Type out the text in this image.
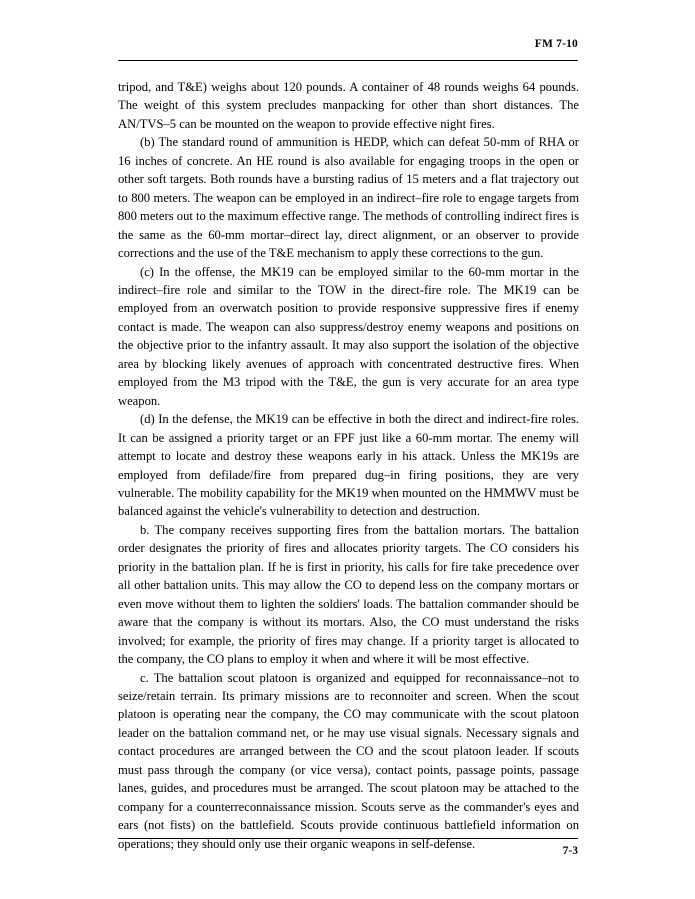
FM 7-10

tripod, and T&E) weighs about 120 pounds. A container of 48 rounds weighs 64 pounds. The weight of this system precludes manpacking for other than short distances. The AN/TVS–5 can be mounted on the weapon to provide effective night fires.

(b) The standard round of ammunition is HEDP, which can defeat 50-mm of RHA or 16 inches of concrete. An HE round is also available for engaging troops in the open or other soft targets. Both rounds have a bursting radius of 15 meters and a flat trajectory out to 800 meters. The weapon can be employed in an indirect–fire role to engage targets from 800 meters out to the maximum effective range. The methods of controlling indirect fires is the same as the 60-mm mortar–direct lay, direct alignment, or an observer to provide corrections and the use of the T&E mechanism to apply these corrections to the gun.

(c) In the offense, the MK19 can be employed similar to the 60-mm mortar in the indirect–fire role and similar to the TOW in the direct-fire role. The MK19 can be employed from an overwatch position to provide responsive suppressive fires if enemy contact is made. The weapon can also suppress/destroy enemy weapons and positions on the objective prior to the infantry assault. It may also support the isolation of the objective area by blocking likely avenues of approach with concentrated destructive fires. When employed from the M3 tripod with the T&E, the gun is very accurate for an area type weapon.

(d) In the defense, the MK19 can be effective in both the direct and indirect-fire roles. It can be assigned a priority target or an FPF just like a 60-mm mortar. The enemy will attempt to locate and destroy these weapons early in his attack. Unless the MK19s are employed from defilade/fire from prepared dug–in firing positions, they are very vulnerable. The mobility capability for the MK19 when mounted on the HMMWV must be balanced against the vehicle's vulnerability to detection and destruction.

b. The company receives supporting fires from the battalion mortars. The battalion order designates the priority of fires and allocates priority targets. The CO considers his priority in the battalion plan. If he is first in priority, his calls for fire take precedence over all other battalion units. This may allow the CO to depend less on the company mortars or even move without them to lighten the soldiers' loads. The battalion commander should be aware that the company is without its mortars. Also, the CO must understand the risks involved; for example, the priority of fires may change. If a priority target is allocated to the company, the CO plans to employ it when and where it will be most effective.

c. The battalion scout platoon is organized and equipped for reconnaissance–not to seize/retain terrain. Its primary missions are to reconnoiter and screen. When the scout platoon is operating near the company, the CO may communicate with the scout platoon leader on the battalion command net, or he may use visual signals. Necessary signals and contact procedures are arranged between the CO and the scout platoon leader. If scouts must pass through the company (or vice versa), contact points, passage points, passage lanes, guides, and procedures must be arranged. The scout platoon may be attached to the company for a counterreconnaissance mission. Scouts serve as the commander's eyes and ears (not fists) on the battlefield. Scouts provide continuous battlefield information on operations; they should only use their organic weapons in self-defense.

7-3
